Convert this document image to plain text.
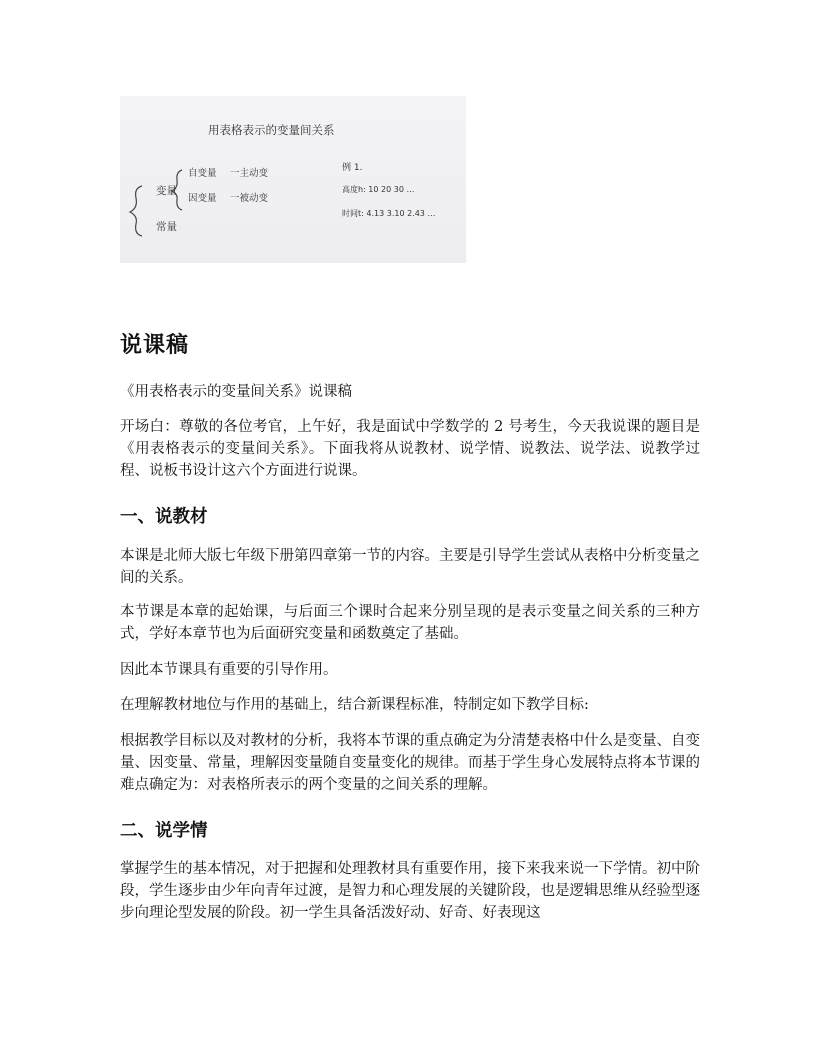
用表格表示的变量间关系
变量
自变量 一主动变
因变量 一被动变
常量
例 1.
高度h: 10 20 30 …
时间t: 4.13 3.10 2.43 …
说课稿

《用表格表示的变量间关系》说课稿

开场白：尊敬的各位考官，上午好，我是面试中学数学的 2 号考生，今天我说课的题目是《用表格表示的变量间关系》。下面我将从说教材、说学情、说教法、说学法、说教学过程、说板书设计这六个方面进行说课。

一、说教材

本课是北师大版七年级下册第四章第一节的内容。主要是引导学生尝试从表格中分析变量之间的关系。

本节课是本章的起始课，与后面三个课时合起来分别呈现的是表示变量之间关系的三种方式，学好本章节也为后面研究变量和函数奠定了基础。

因此本节课具有重要的引导作用。

在理解教材地位与作用的基础上，结合新课程标准，特制定如下教学目标:

根据教学目标以及对教材的分析，我将本节课的重点确定为分清楚表格中什么是变量、自变量、因变量、常量，理解因变量随自变量变化的规律。而基于学生身心发展特点将本节课的难点确定为：对表格所表示的两个变量的之间关系的理解。

二、说学情

掌握学生的基本情况，对于把握和处理教材具有重要作用，接下来我来说一下学情。初中阶段，学生逐步由少年向青年过渡，是智力和心理发展的关键阶段，也是逻辑思维从经验型逐步向理论型发展的阶段。初一学生具备活泼好动、好奇、好表现这
